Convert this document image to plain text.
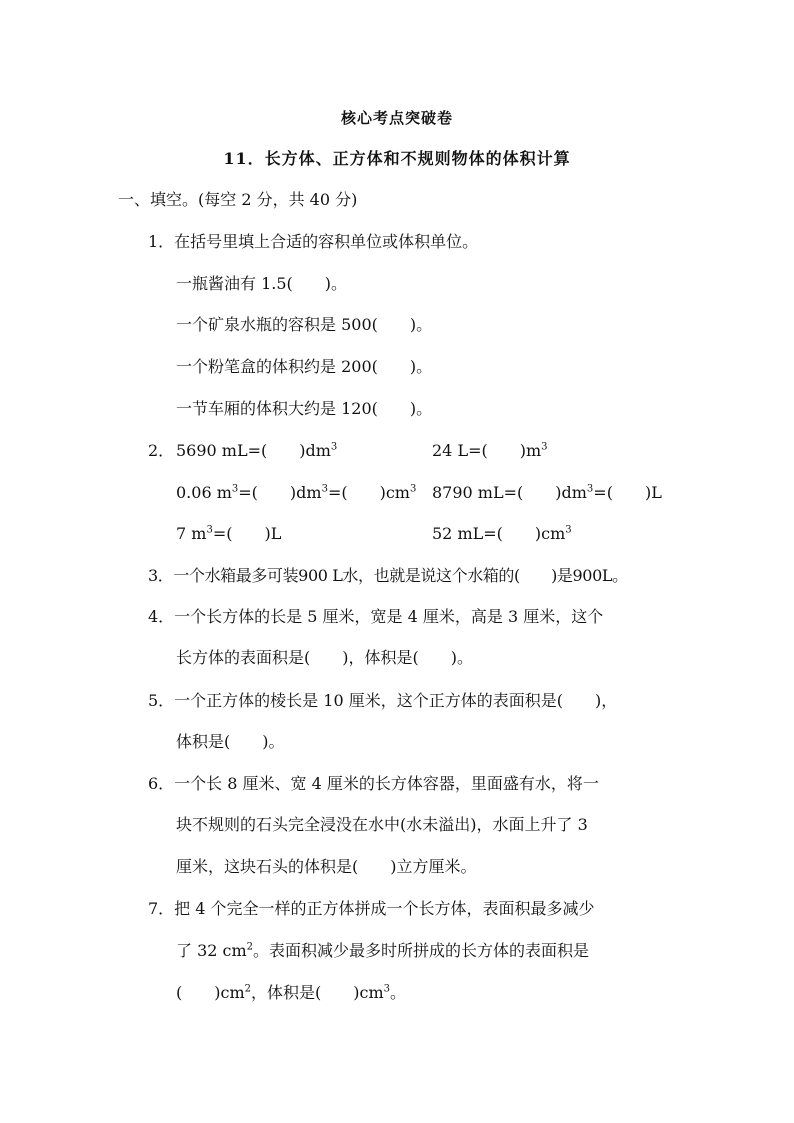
核心考点突破卷
11．长方体、正方体和不规则物体的体积计算
一、填空。(每空 2 分，共 40 分)
1．在括号里填上合适的容积单位或体积单位。
一瓶酱油有 1.5(　　)。
一个矿泉水瓶的容积是 500(　　)。
一个粉笔盒的体积约是 200(　　)。
一节车厢的体积大约是 120(　　)。
2． 5690 mL=(　　)$dm^3$	24 L=(　　)$m^3$
0.06 $m^3=$(　　)$dm^3=$(　　)$cm^3$ 8790 mL=(　　)$dm^3=$(　　)L
7 $m^3=$(　　)L	52 mL=(　　)$cm^3$
3．一个水箱最多可装900 L水，也就是说这个水箱的(　　)是900L。
4．一个长方体的长是 5 厘米，宽是 4 厘米，高是 3 厘米，这个
长方体的表面积是(　　)，体积是(　　)。
5．一个正方体的棱长是 10 厘米，这个正方体的表面积是(　　)，
体积是(　　)。
6．一个长 8 厘米、宽 4 厘米的长方体容器，里面盛有水，将一
块不规则的石头完全浸没在水中(水未溢出)，水面上升了 3
厘米，这块石头的体积是(　　)立方厘米。
7．把 4 个完全一样的正方体拼成一个长方体，表面积最多减少
了 32 $cm^2$。表面积减少最多时所拼成的长方体的表面积是
(　　)$cm^2$，体积是(　　)$cm^3$。
